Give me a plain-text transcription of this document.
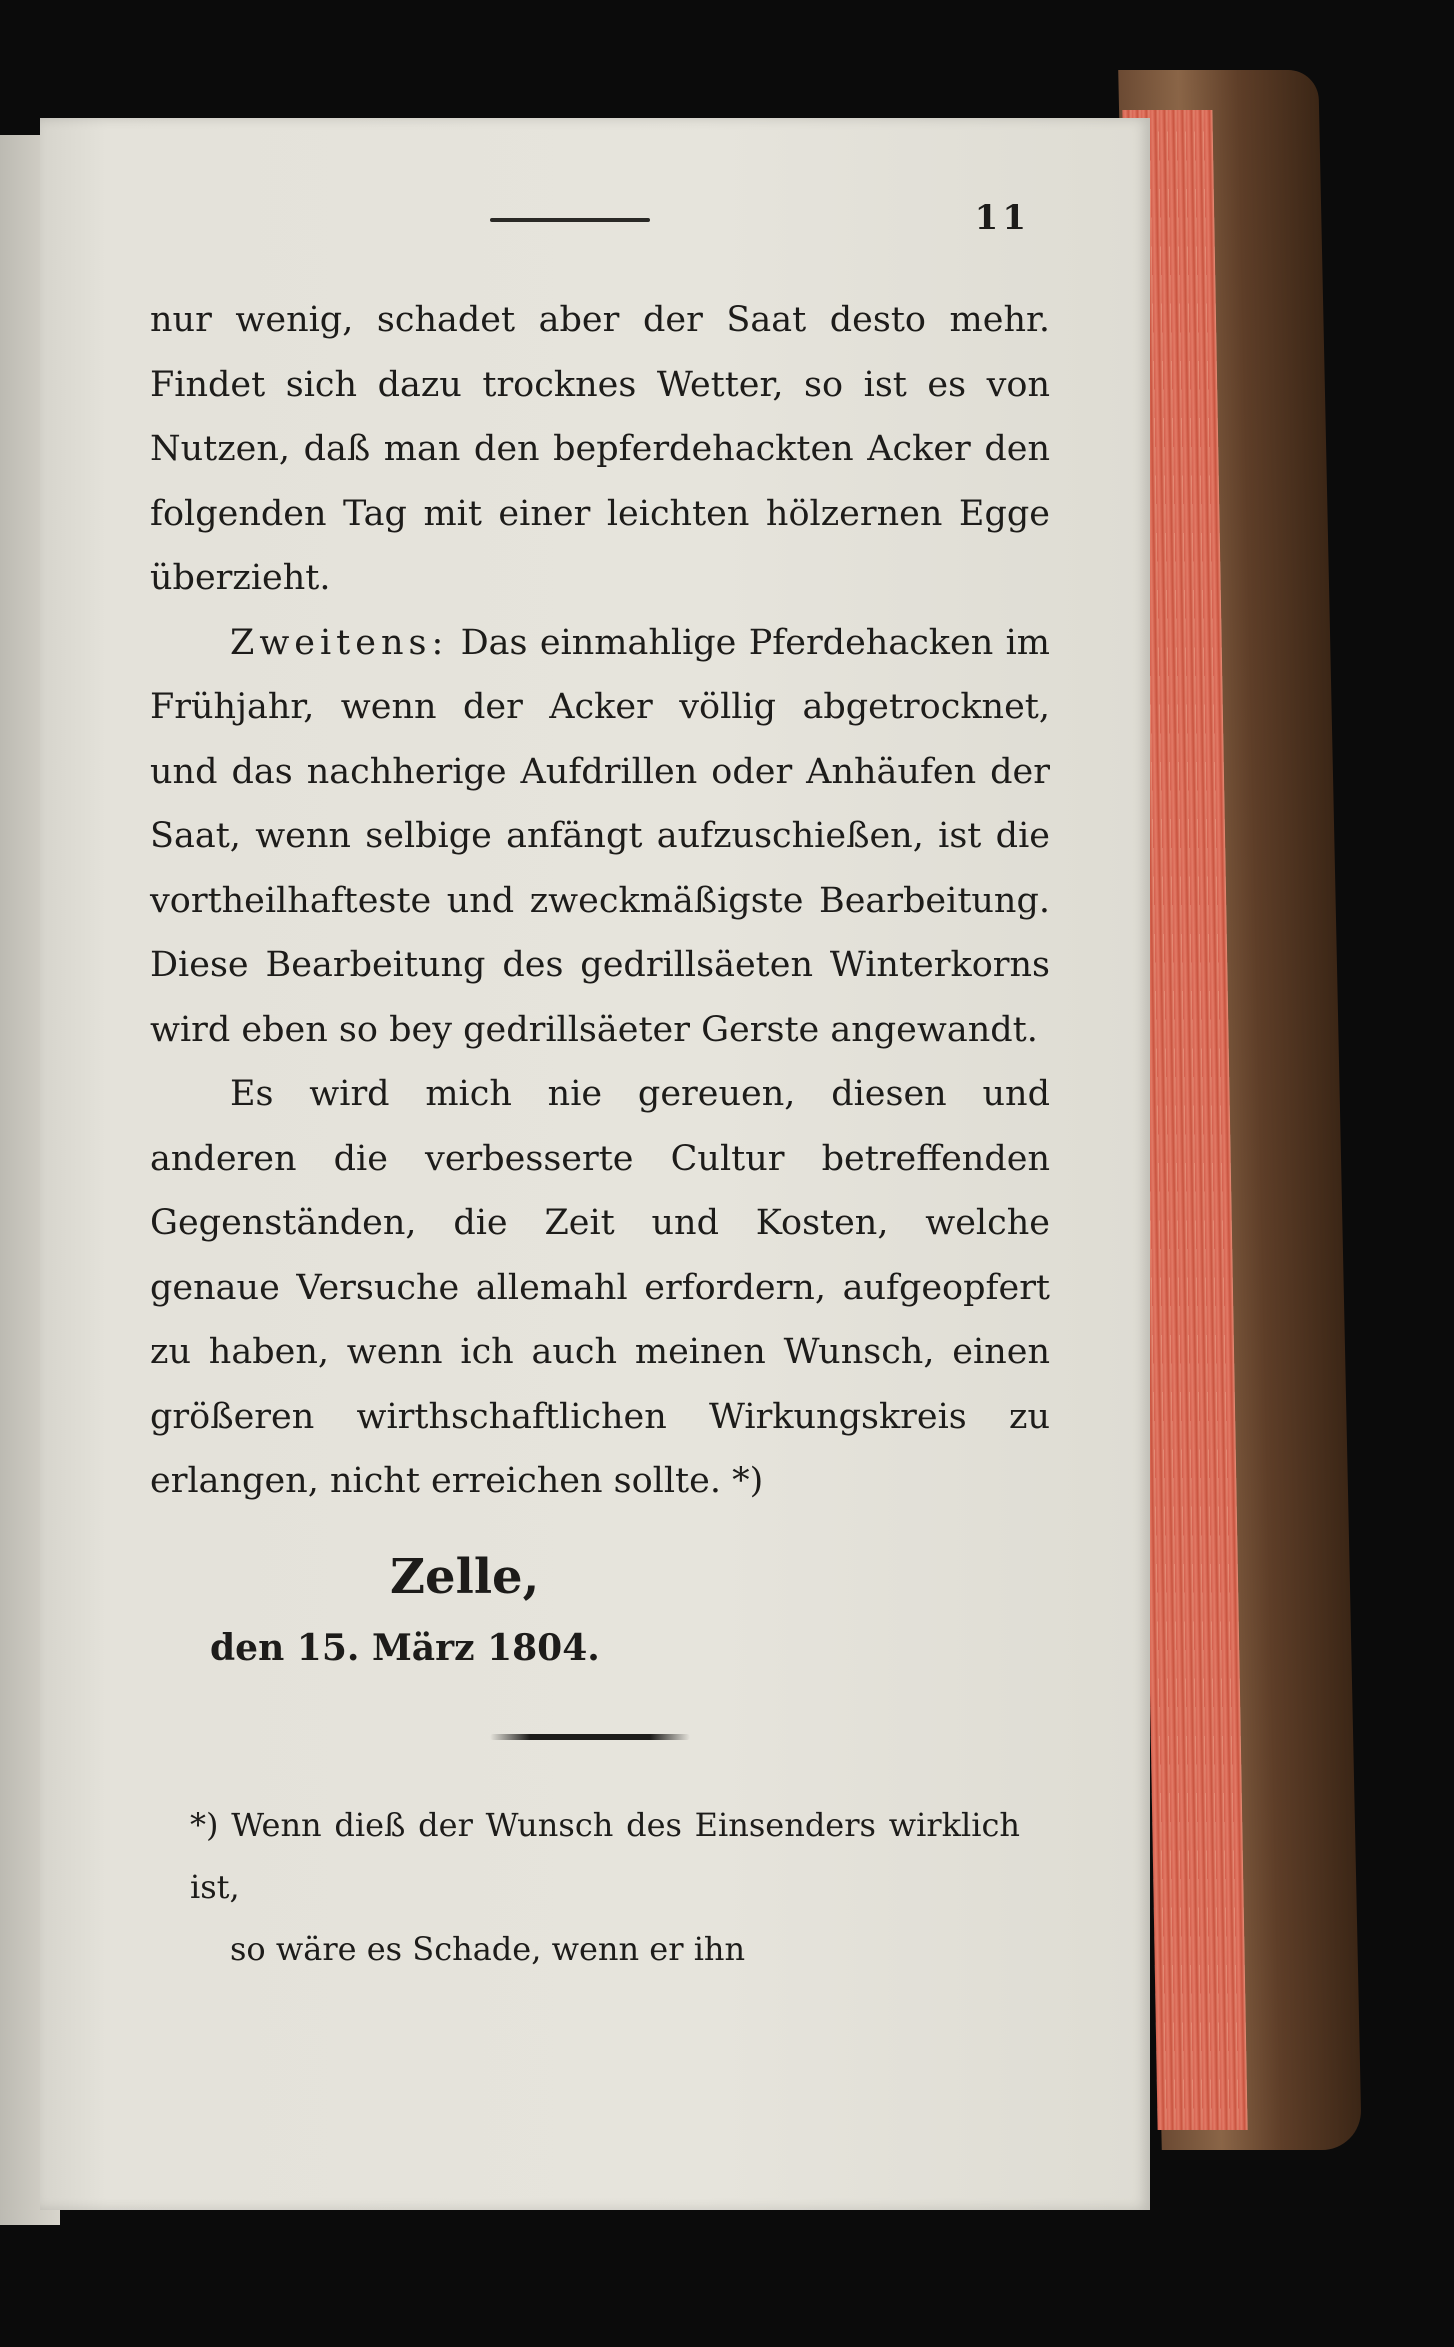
11

nur wenig, schadet aber der Saat desto mehr. Findet sich dazu trocknes Wetter, so ist es von Nutzen, daß man den bepferdehackten Acker den folgenden Tag mit einer leichten hölzernen Egge überzieht.

Zweitens: Das einmahlige Pferdehacken im Frühjahr, wenn der Acker völlig abgetrocknet, und das nachherige Aufdrillen oder Anhäufen der Saat, wenn selbige anfängt aufzuschießen, ist die vortheilhafteste und zweckmäßigste Bearbeitung. Diese Bearbeitung des gedrillsäeten Winterkorns wird eben so bey gedrillsäeter Gerste angewandt.

Es wird mich nie gereuen, diesen und anderen die verbesserte Cultur betreffenden Gegenständen, die Zeit und Kosten, welche genaue Versuche allemahl erfordern, aufgeopfert zu haben, wenn ich auch meinen Wunsch, einen größeren wirthschaftlichen Wirkungskreis zu erlangen, nicht erreichen sollte. *)

Zelle,
den 15. März 1804.
*) Wenn dieß der Wunsch des Einsenders wirklich ist,
so wäre es Schade, wenn er ihn
